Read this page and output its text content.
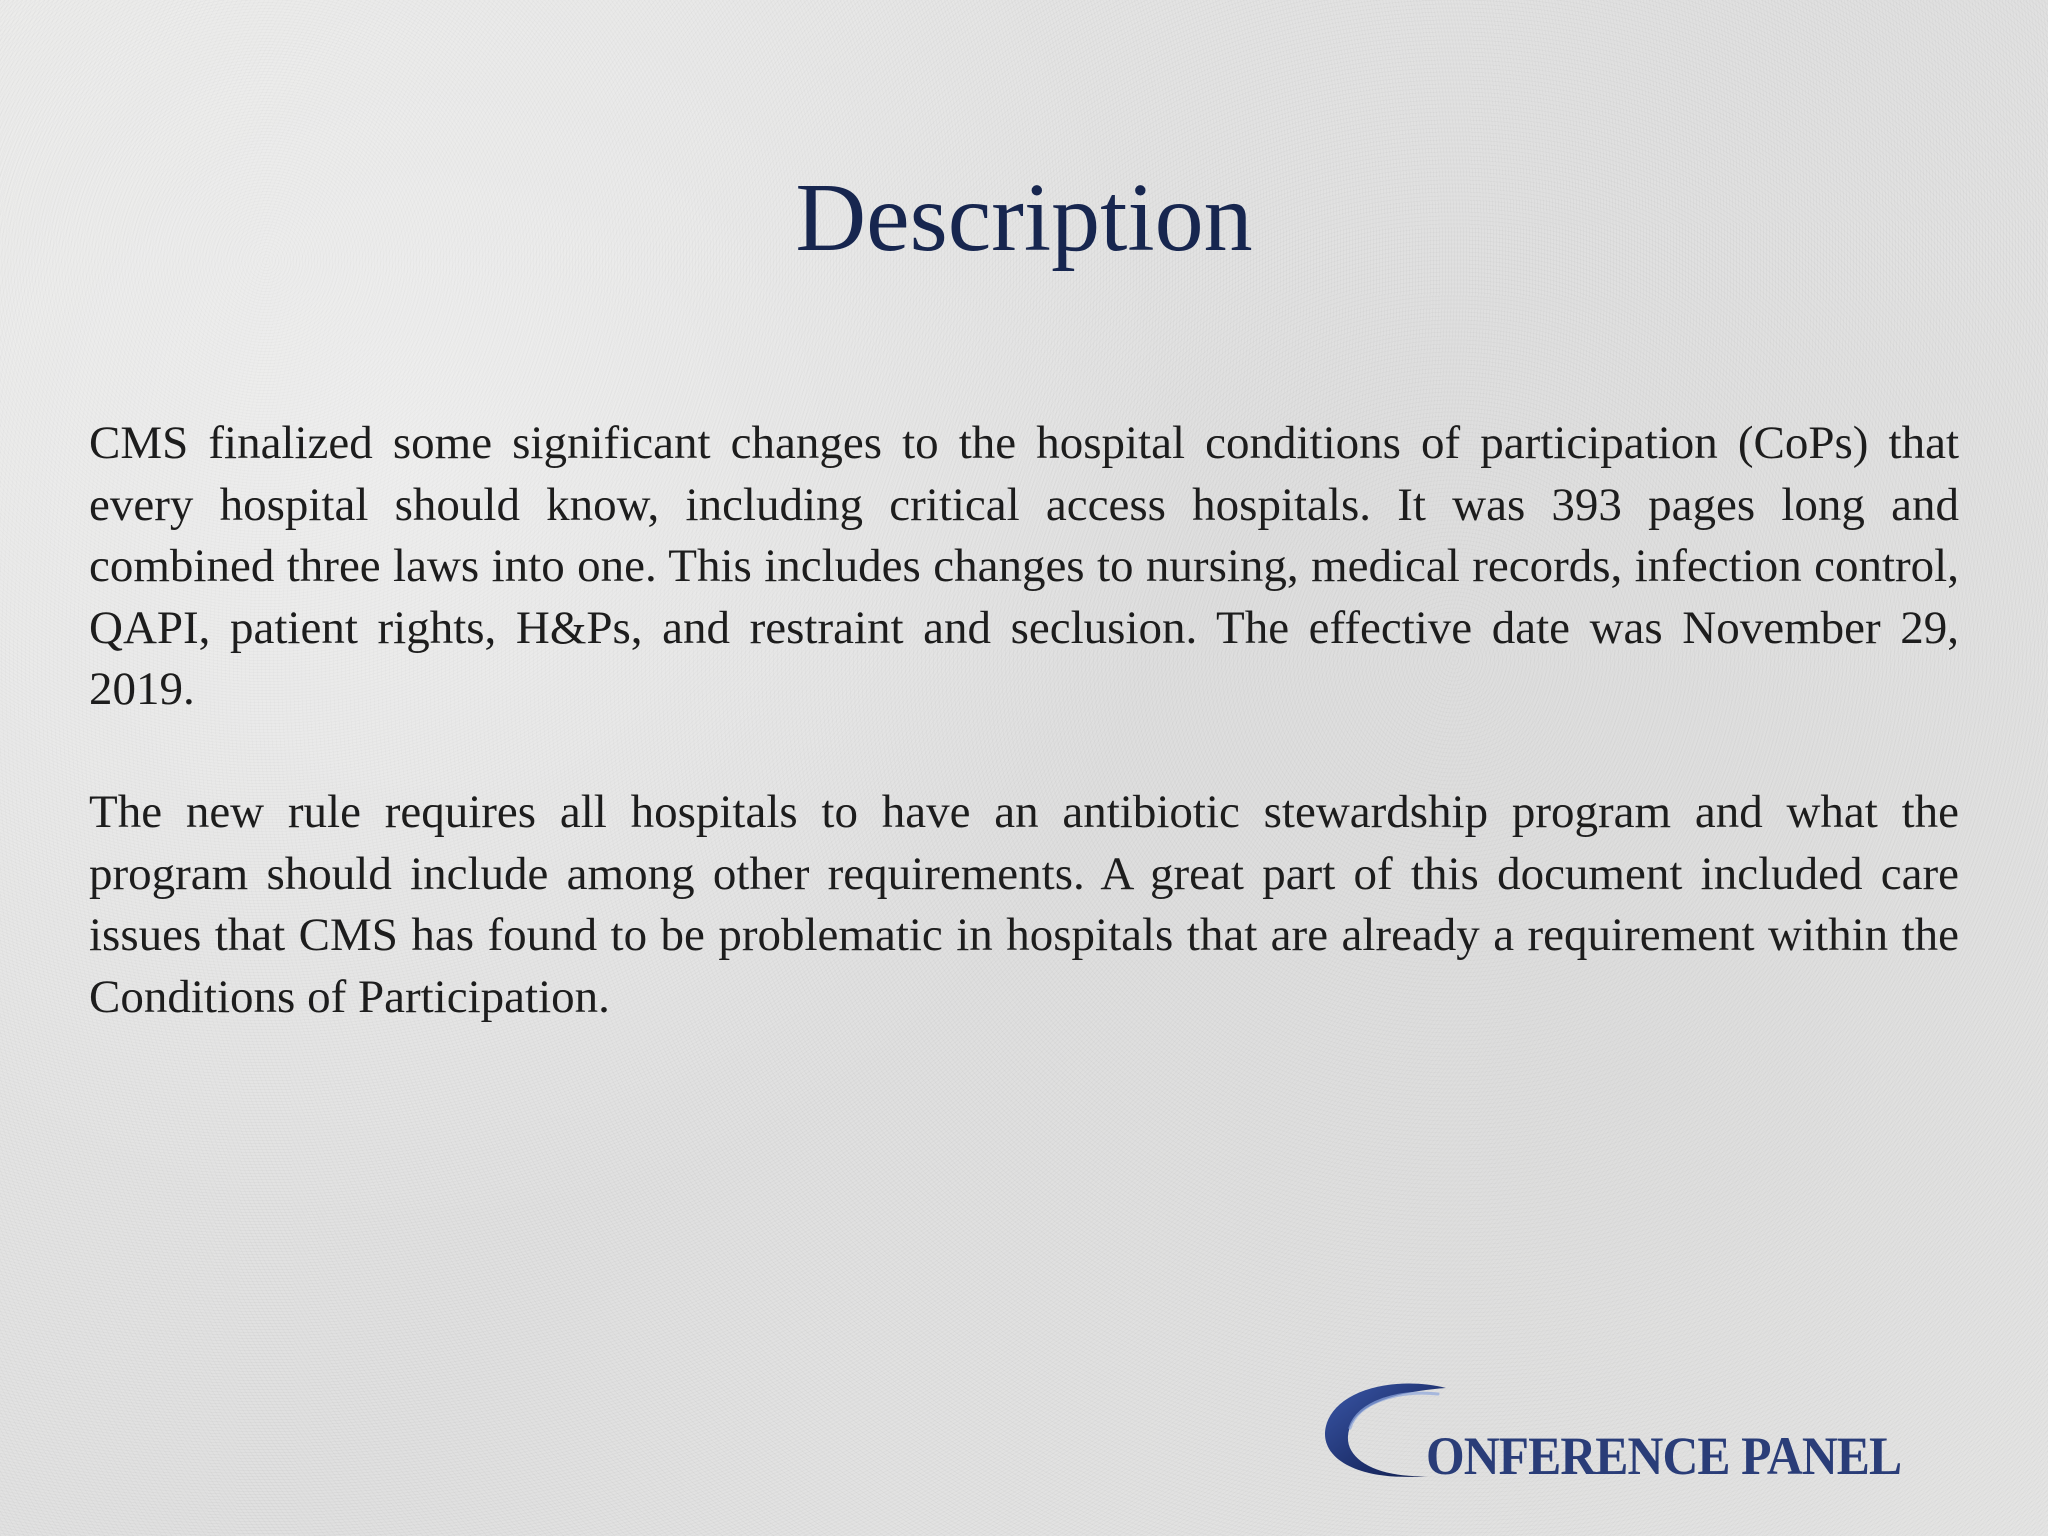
Description

CMS finalized some significant changes to the hospital conditions of participation (CoPs) that every hospital should know, including critical access hospitals. It was 393 pages long and combined three laws into one. This includes changes to nursing, medical records, infection control, QAPI, patient rights, H&Ps, and restraint and seclusion. The effective date was November 29, 2019.

The new rule requires all hospitals to have an antibiotic stewardship program and what the program should include among other requirements. A great part of this document included care issues that CMS has found to be problematic in hospitals that are already a requirement within the Conditions of Participation.

ONFERENCE PANEL
